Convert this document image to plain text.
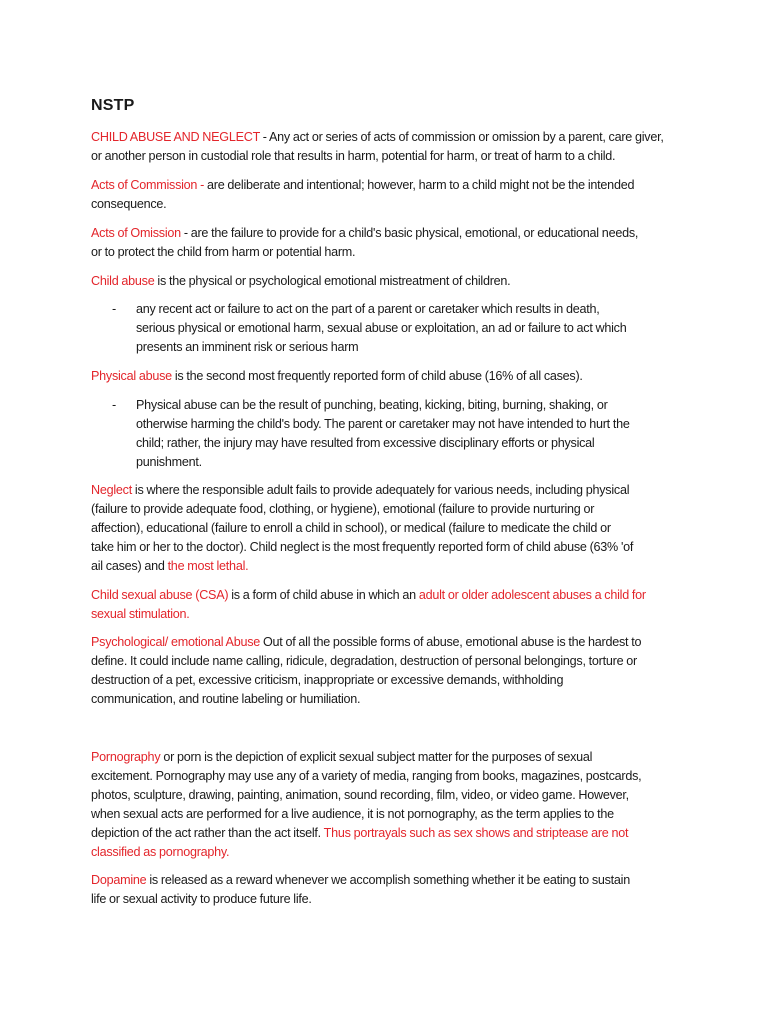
NSTP
CHILD ABUSE AND NEGLECT - Any act or series of acts of commission or omission by a parent, care giver,
or another person in custodial role that results in harm, potential for harm, or treat of harm to a child.
Acts of Commission - are deliberate and intentional; however, harm to a child might not be the intended
consequence.
Acts of Omission - are the failure to provide for a child's basic physical, emotional, or educational needs,
or to protect the child from harm or potential harm.
Child abuse is the physical or psychological emotional mistreatment of children.
- any recent act or failure to act on the part of a parent or caretaker which results in death,
serious physical or emotional harm, sexual abuse or exploitation, an ad or failure to act which
presents an imminent risk or serious harm
Physical abuse is the second most frequently reported form of child abuse (16% of all cases).
- Physical abuse can be the result of punching, beating, kicking, biting, burning, shaking, or
otherwise harming the child's body. The parent or caretaker may not have intended to hurt the
child; rather, the injury may have resulted from excessive disciplinary efforts or physical
punishment.
Neglect is where the responsible adult fails to provide adequately for various needs, including physical
(failure to provide adequate food, clothing, or hygiene), emotional (failure to provide nurturing or
affection), educational (failure to enroll a child in school), or medical (failure to medicate the child or
take him or her to the doctor). Child neglect is the most frequently reported form of child abuse (63% 'of
ail cases) and the most lethal.
Child sexual abuse (CSA) is a form of child abuse in which an adult or older adolescent abuses a child for
sexual stimulation.
Psychological/ emotional Abuse Out of all the possible forms of abuse, emotional abuse is the hardest to
define. It could include name calling, ridicule, degradation, destruction of personal belongings, torture or
destruction of a pet, excessive criticism, inappropriate or excessive demands, withholding
communication, and routine labeling or humiliation.
Pornography or porn is the depiction of explicit sexual subject matter for the purposes of sexual
excitement. Pornography may use any of a variety of media, ranging from books, magazines, postcards,
photos, sculpture, drawing, painting, animation, sound recording, film, video, or video game. However,
when sexual acts are performed for a live audience, it is not pornography, as the term applies to the
depiction of the act rather than the act itself. Thus portrayals such as sex shows and striptease are not
classified as pornography.
Dopamine is released as a reward whenever we accomplish something whether it be eating to sustain
life or sexual activity to produce future life.
